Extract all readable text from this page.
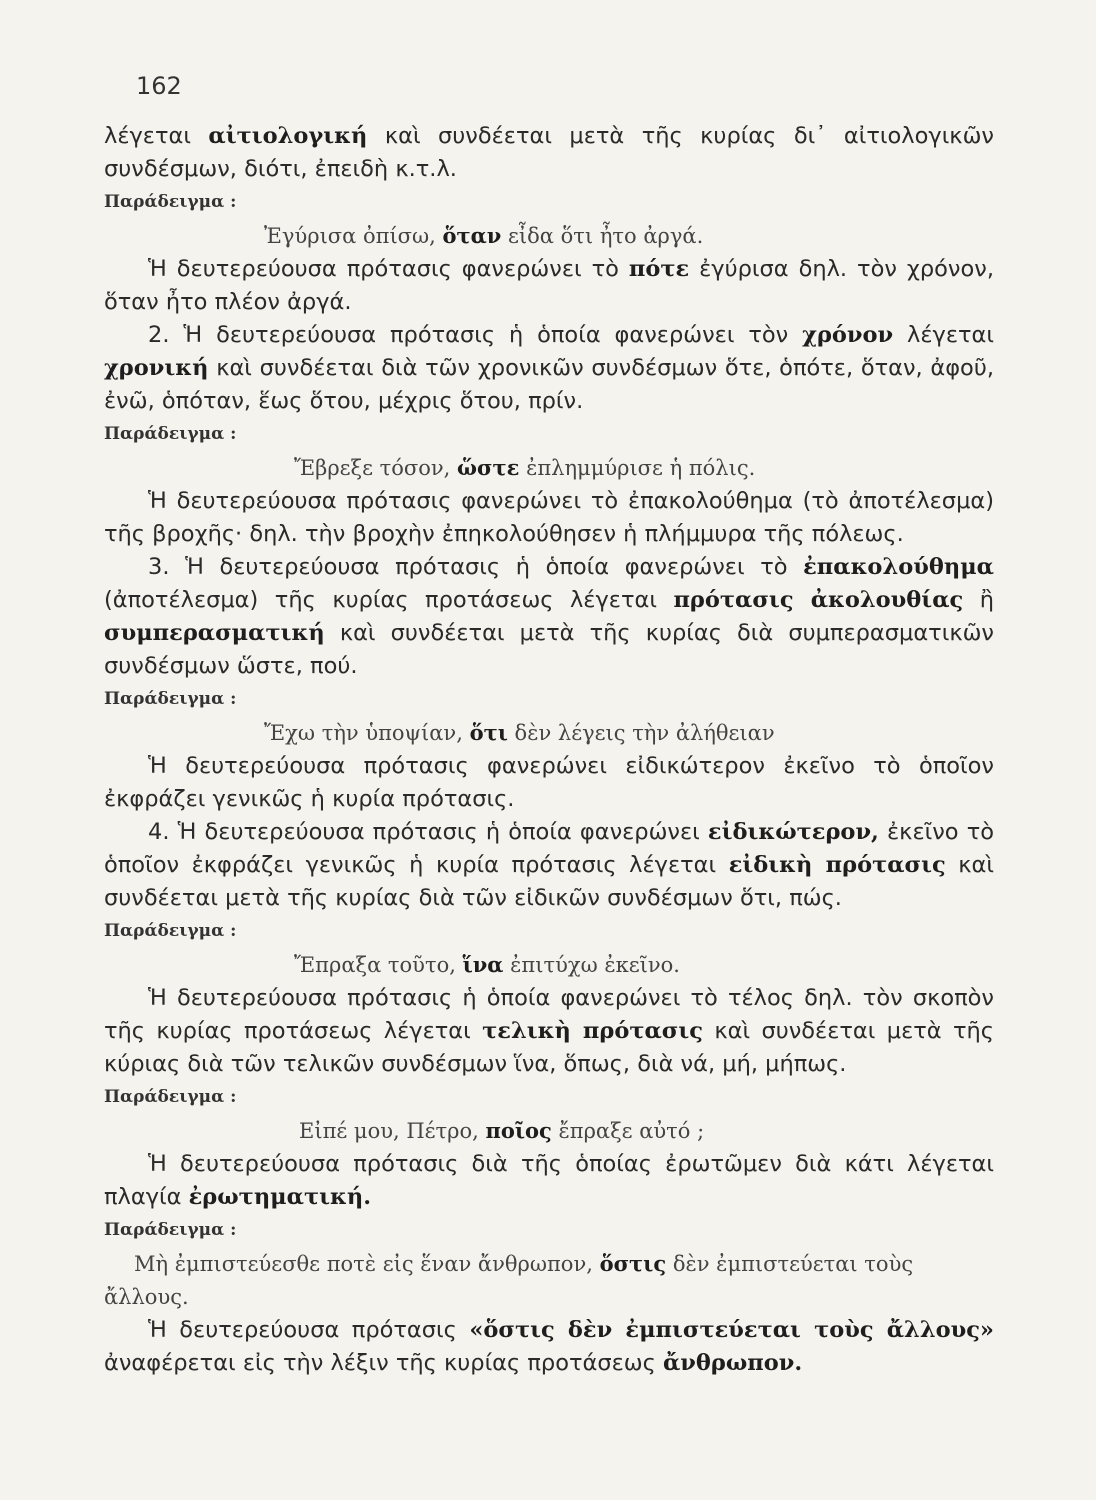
162

λέγεται αἰτιολογική καὶ συνδέεται μετὰ τῆς κυρίας δι᾽ αἰτιολογικῶν συνδέσμων, διότι, ἐπειδὴ κ.τ.λ.

Παράδειγμα :

Ἐγύρισα ὀπίσω, ὅταν εἶδα ὅτι ἦτο ἀργά.

Ἡ δευτερεύουσα πρότασις φανερώνει τὸ πότε ἐγύρισα δηλ. τὸν χρόνον, ὅταν ἦτο πλέον ἀργά.

2. Ἡ δευτερεύουσα πρότασις ἡ ὁποία φανερώνει τὸν χρόνον λέγεται χρονική καὶ συνδέεται διὰ τῶν χρονικῶν συνδέσμων ὅτε, ὁπότε, ὅταν, ἀφοῦ, ἐνῶ, ὁπόταν, ἕως ὅτου, μέχρις ὅτου, πρίν.

Παράδειγμα :

Ἔβρεξε τόσον, ὥστε ἐπλημμύρισε ἡ πόλις.

Ἡ δευτερεύουσα πρότασις φανερώνει τὸ ἐπακολούθημα (τὸ ἀποτέλεσμα) τῆς βροχῆς· δηλ. τὴν βροχὴν ἐπηκολούθησεν ἡ πλήμμυρα τῆς πόλεως.

3. Ἡ δευτερεύουσα πρότασις ἡ ὁποία φανερώνει τὸ ἐπακολούθημα (ἀποτέλεσμα) τῆς κυρίας προτάσεως λέγεται πρότασις ἀκολουθίας ἢ συμπερασματική καὶ συνδέεται μετὰ τῆς κυρίας διὰ συμπερασματικῶν συνδέσμων ὥστε, πού.

Παράδειγμα :

Ἔχω τὴν ὑποψίαν, ὅτι δὲν λέγεις τὴν ἀλήθειαν

Ἡ δευτερεύουσα πρότασις φανερώνει εἰδικώτερον ἐκεῖνο τὸ ὁποῖον ἐκφράζει γενικῶς ἡ κυρία πρότασις.

4. Ἡ δευτερεύουσα πρότασις ἡ ὁποία φανερώνει εἰδικώτερον, ἐκεῖνο τὸ ὁποῖον ἐκφράζει γενικῶς ἡ κυρία πρότασις λέγεται εἰδικὴ πρότασις καὶ συνδέεται μετὰ τῆς κυρίας διὰ τῶν εἰδικῶν συνδέσμων ὅτι, πώς.

Παράδειγμα :

Ἔπραξα τοῦτο, ἵνα ἐπιτύχω ἐκεῖνο.

Ἡ δευτερεύουσα πρότασις ἡ ὁποία φανερώνει τὸ τέλος δηλ. τὸν σκοπὸν τῆς κυρίας προτάσεως λέγεται τελικὴ πρότασις καὶ συνδέεται μετὰ τῆς κύριας διὰ τῶν τελικῶν συνδέσμων ἵνα, ὅπως, διὰ νά, μή, μήπως.

Παράδειγμα :

Εἰπέ μου, Πέτρο, ποῖος ἔπραξε αὐτό ;

Ἡ δευτερεύουσα πρότασις διὰ τῆς ὁποίας ἐρωτῶμεν διὰ κάτι λέγεται πλαγία ἐρωτηματική.

Παράδειγμα :

Μὴ ἐμπιστεύεσθε ποτὲ εἰς ἕναν ἄνθρωπον, ὅστις δὲν ἐμπιστεύεται τοὺς ἄλλους.

Ἡ δευτερεύουσα πρότασις «ὅστις δὲν ἐμπιστεύεται τοὺς ἄλλους» ἀναφέρεται εἰς τὴν λέξιν τῆς κυρίας προτάσεως ἄνθρωπον.
